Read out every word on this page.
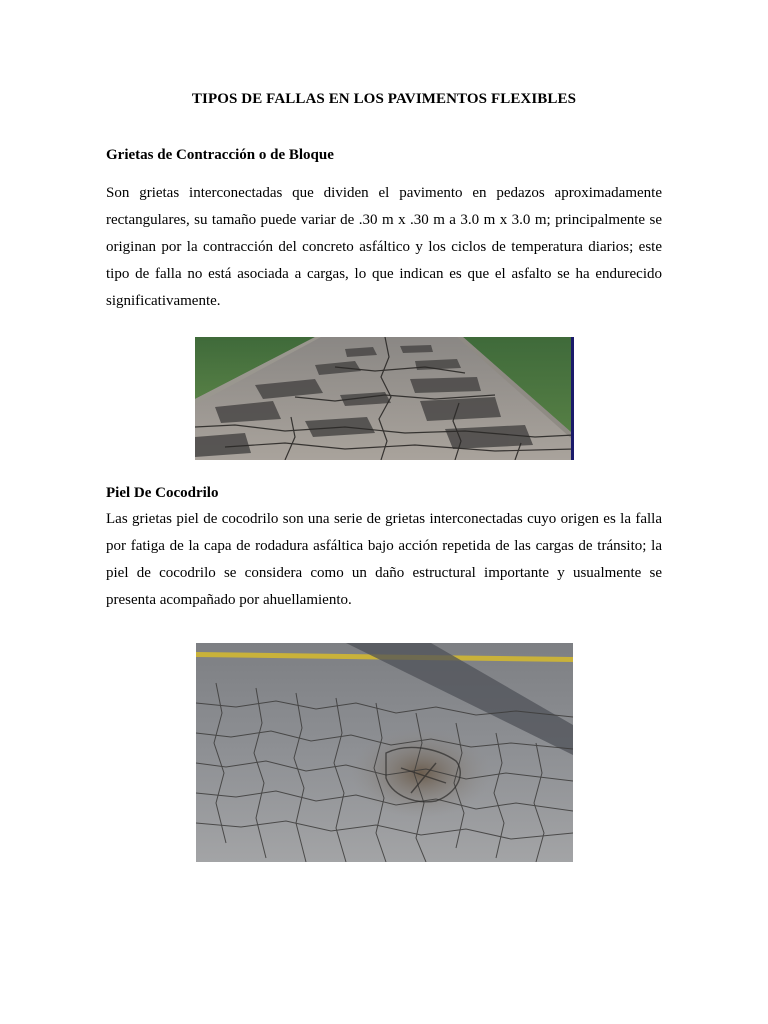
TIPOS DE FALLAS EN LOS PAVIMENTOS FLEXIBLES
Grietas de Contracción o de Bloque

Son grietas interconectadas que dividen el pavimento en pedazos aproximadamente rectangulares, su tamaño puede variar de .30 m x .30 m a 3.0 m x 3.0 m; principalmente se originan por la contracción del concreto asfáltico y los ciclos de temperatura diarios; este tipo de falla no está asociada a cargas, lo que indican es que el asfalto se ha endurecido significativamente.

Piel De Cocodrilo

Las grietas piel de cocodrilo son una serie de grietas interconectadas cuyo origen es la falla por fatiga de la capa de rodadura asfáltica bajo acción repetida de las cargas de tránsito; la piel de cocodrilo se considera como un daño estructural importante y usualmente se presenta acompañado por ahuellamiento.
